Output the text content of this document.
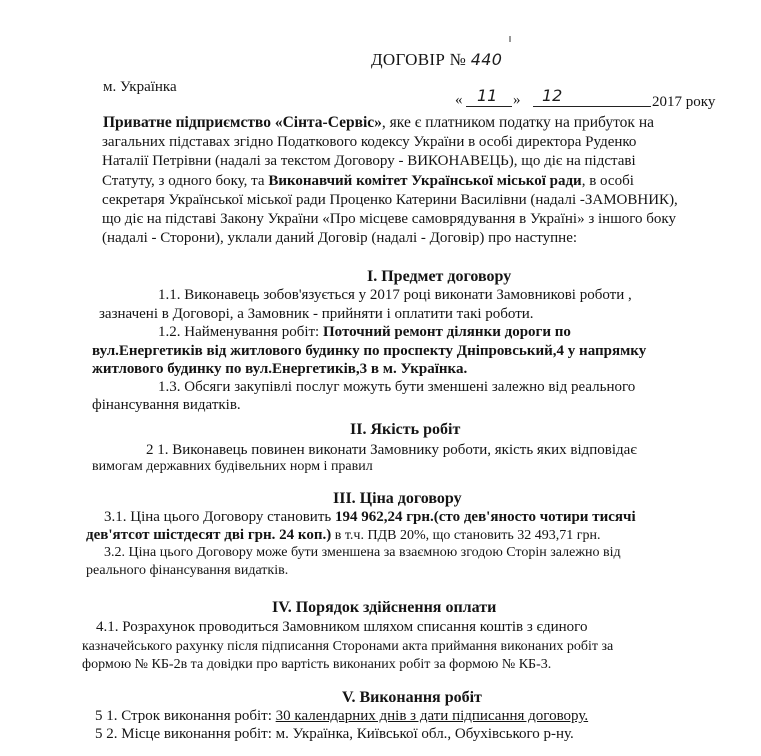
ДОГОВІР № 440
м. Українка
« 11 » 12	2017 року
Приватне підприємство «Сінта-Сервіс», яке є платником податку на прибуток на
загальних підставах згідно Податкового кодексу України в особі директора Руденко
Наталії Петрівни (надалі за текстом Договору - ВИКОНАВЕЦЬ), що діє на підставі
Статуту, з одного боку, та Виконавчий комітет Української міської ради, в особі
секретаря Української міської ради Проценко Катерини Василівни (надалі -ЗАМОВНИК),
що діє на підставі Закону України «Про місцеве самоврядування в Україні» з іншого боку
(надалі - Сторони), уклали даний Договір (надалі - Договір) про наступне:
І. Предмет договору
1.1. Виконавець зобов'язується у 2017 році виконати Замовникові роботи ,
зазначені в Договорі, а Замовник - прийняти і оплатити такі роботи.
1.2. Найменування робіт: Поточний ремонт ділянки дороги по
вул.Енергетиків від житлового будинку по проспекту Дніпровський,4 у напрямку
житлового будинку по вул.Енергетиків,3 в м. Українка.
1.3. Обсяги закупівлі послуг можуть бути зменшені залежно від реального
фінансування видатків.
ІІ. Якість робіт
2 1. Виконавець повинен виконати Замовнику роботи, якість яких відповідає
вимогам державних будівельних норм і правил
ІІІ. Ціна договору
3.1. Ціна цього Договору становить 194 962,24 грн.(сто дев'яносто чотири тисячі
дев'ятсот шістдесят дві грн. 24 коп.) в т.ч. ПДВ 20%, що становить 32 493,71 грн.
3.2. Ціна цього Договору може бути зменшена за взаємною згодою Сторін залежно від
реального фінансування видатків.
IV. Порядок здійснення оплати
4.1. Розрахунок проводиться Замовником шляхом списання коштів з єдиного
казначейського рахунку після підписання Сторонами акта приймання виконаних робіт за
формою № КБ-2в та довідки про вартість виконаних робіт за формою № КБ-3.
V. Виконання робіт
5 1. Строк виконання робіт: 30 календарних днів з дати підписання договору.
5 2. Місце виконання робіт: м. Українка, Київської обл., Обухівського р-ну.
